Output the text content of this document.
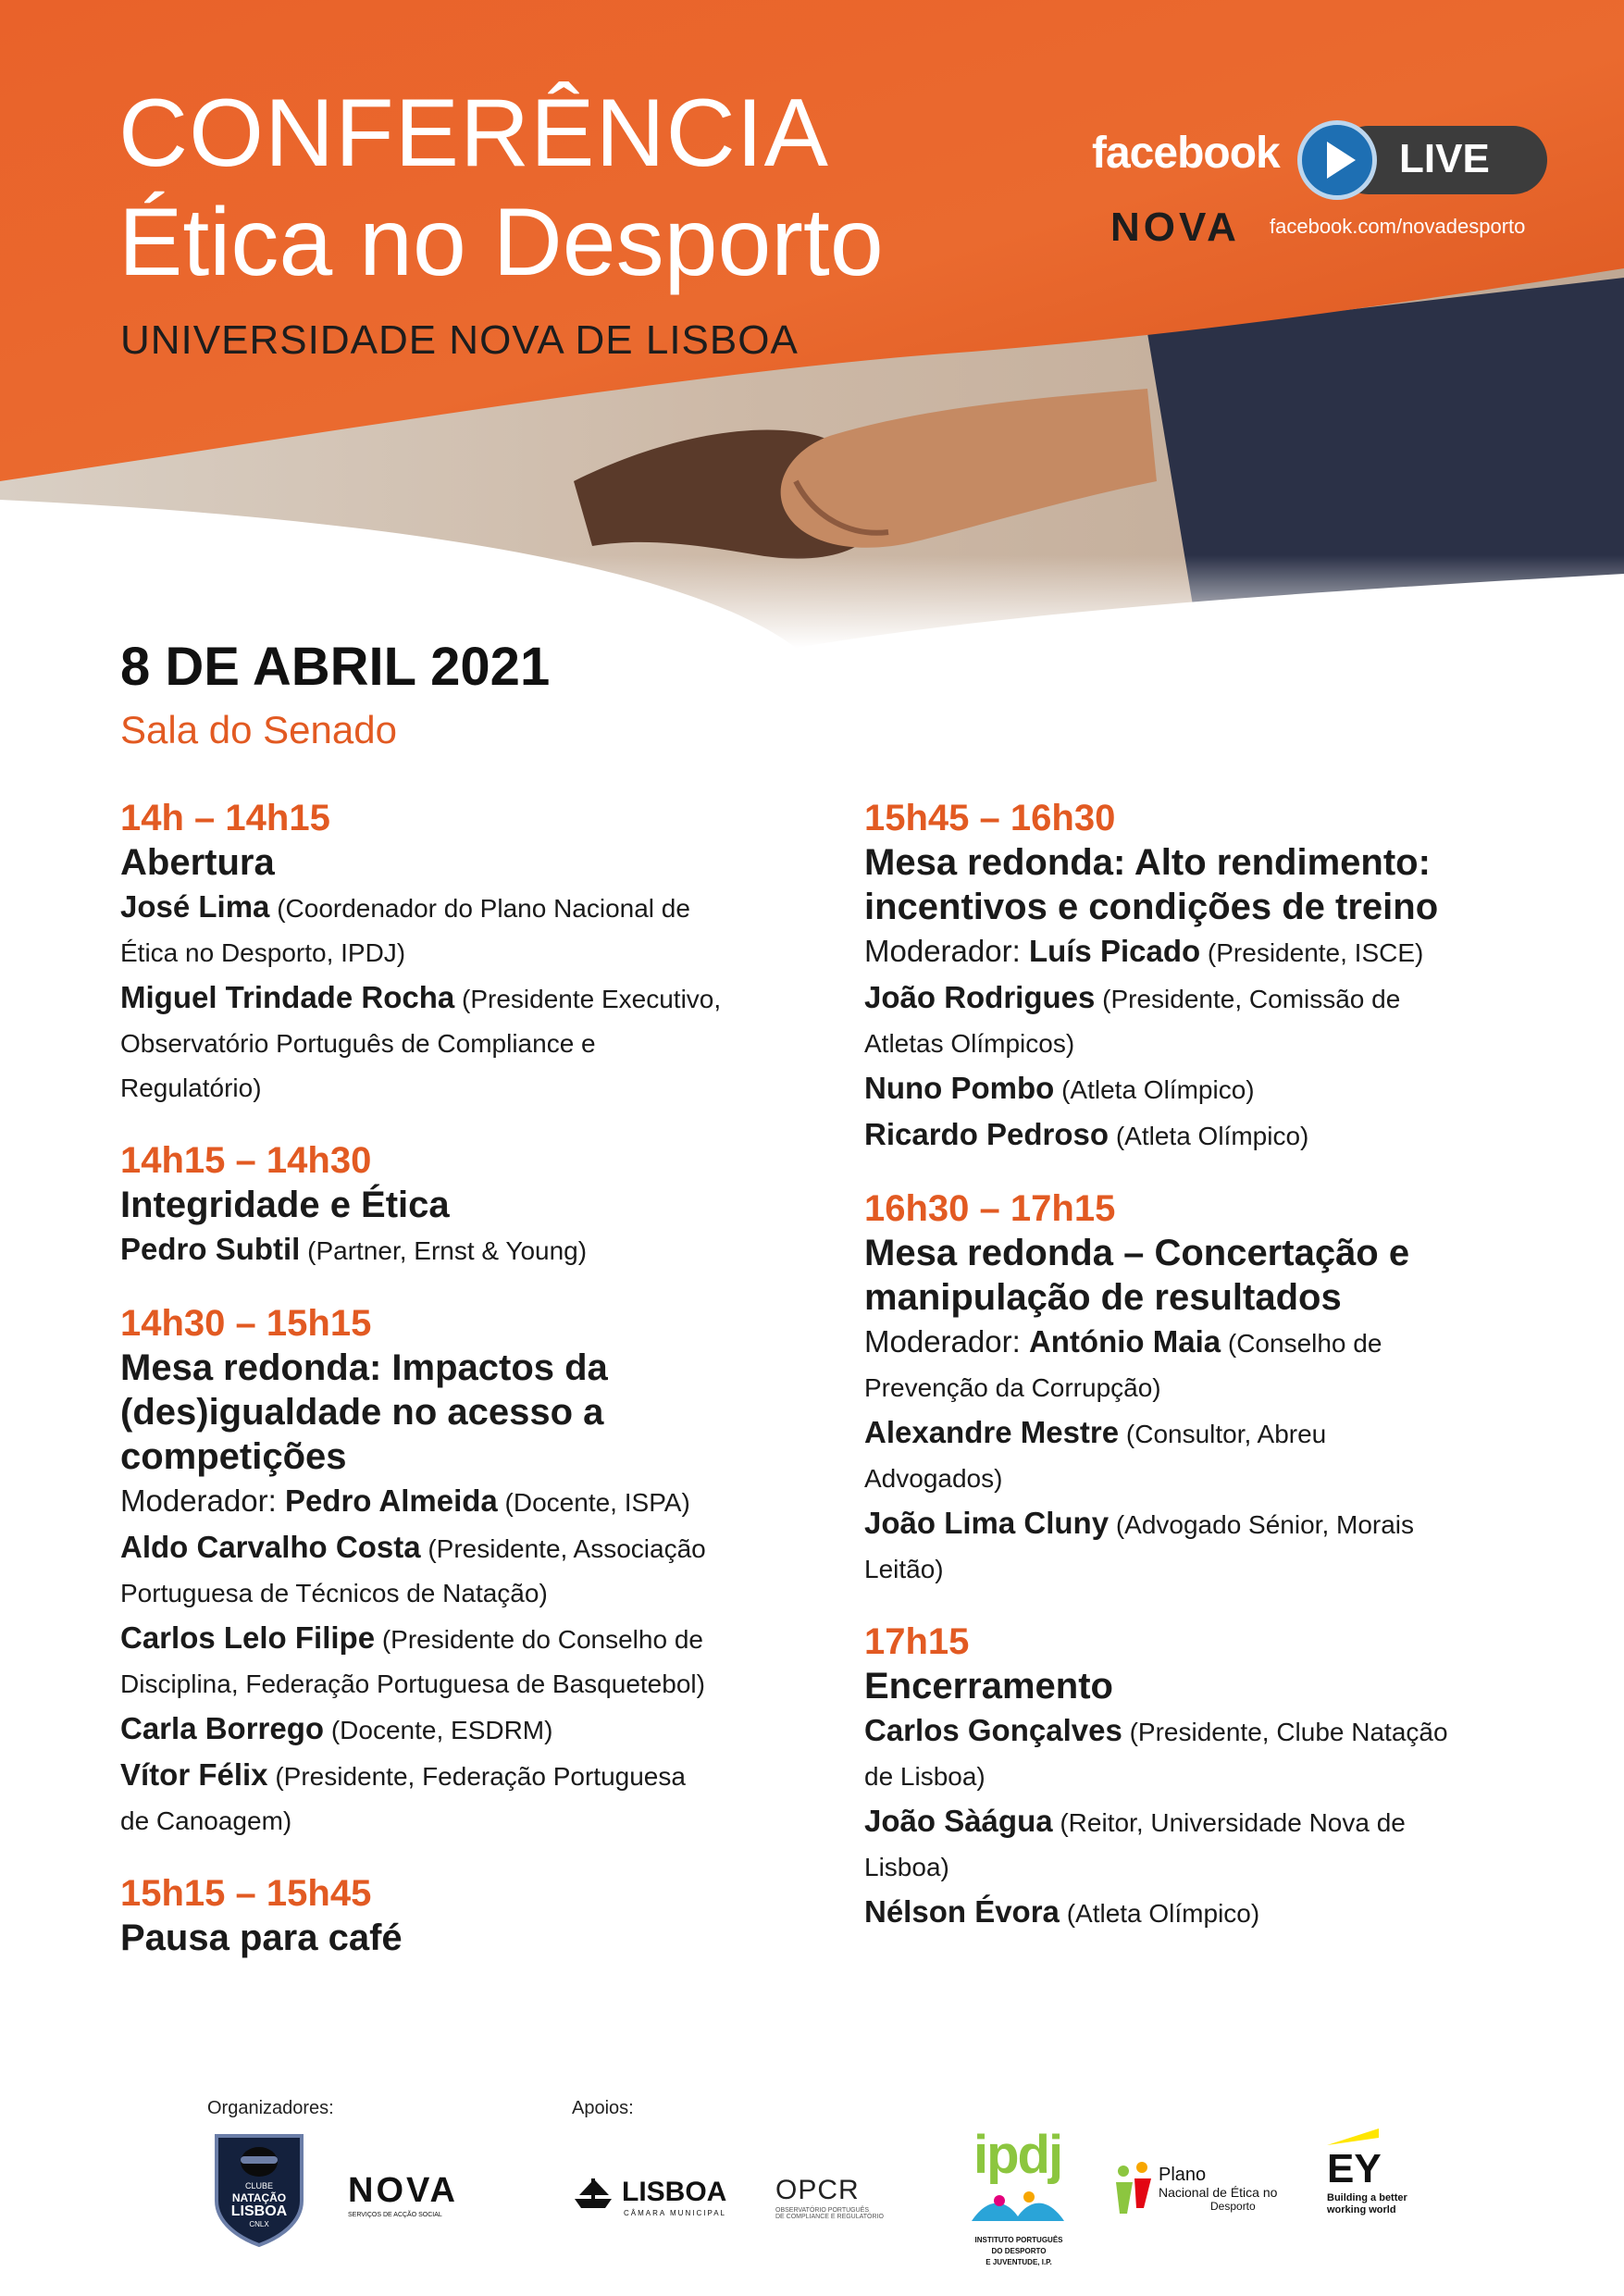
CONFERÊNCIA
Ética no Desporto
UNIVERSIDADE NOVA DE LISBOA
facebook	LIVE
NOVA facebook.com/novadesporto
8 DE ABRIL 2021
Sala do Senado
14h – 14h15
Abertura
José Lima (Coordenador do Plano Nacional de
Ética no Desporto, IPDJ)
Miguel Trindade Rocha (Presidente Executivo,
Observatório Português de Compliance e
Regulatório)
14h15 – 14h30
Integridade e Ética
Pedro Subtil (Partner, Ernst & Young)
14h30 – 15h15
Mesa redonda: Impactos da
(des)igualdade no acesso a
competições
Moderador: Pedro Almeida (Docente, ISPA)
Aldo Carvalho Costa (Presidente, Associação
Portuguesa de Técnicos de Natação)
Carlos Lelo Filipe (Presidente do Conselho de
Disciplina, Federação Portuguesa de Basquetebol)
Carla Borrego (Docente, ESDRM)
Vítor Félix (Presidente, Federação Portuguesa
de Canoagem)
15h15 – 15h45
Pausa para café
15h45 – 16h30
Mesa redonda: Alto rendimento:
incentivos e condições de treino
Moderador: Luís Picado (Presidente, ISCE)
João Rodrigues (Presidente, Comissão de
Atletas Olímpicos)
Nuno Pombo (Atleta Olímpico)
Ricardo Pedroso (Atleta Olímpico)
16h30 – 17h15
Mesa redonda – Concertação e
manipulação de resultados
Moderador: António Maia (Conselho de
Prevenção da Corrupção)
Alexandre Mestre (Consultor, Abreu
Advogados)
João Lima Cluny (Advogado Sénior, Morais
Leitão)
17h15
Encerramento
Carlos Gonçalves (Presidente, Clube Natação
de Lisboa)
João Sàágua (Reitor, Universidade Nova de
Lisboa)
Nélson Évora (Atleta Olímpico)
Organizadores:	Apoios:
CLUBE
NATAÇÃO
LISBOA
CNLX
NOVA
SERVIÇOS DE ACÇÃO SOCIAL
LISBOA
CÂMARA MUNICIPAL
OPCR
OBSERVATÓRIO PORTUGUÊS
DE COMPLIANCE E REGULATÓRIO
ipdj
INSTITUTO PORTUGUÊS
DO DESPORTO
E JUVENTUDE, I.P.
Plano
Nacional de Ética no
Desporto
EY
Building a better
working world
